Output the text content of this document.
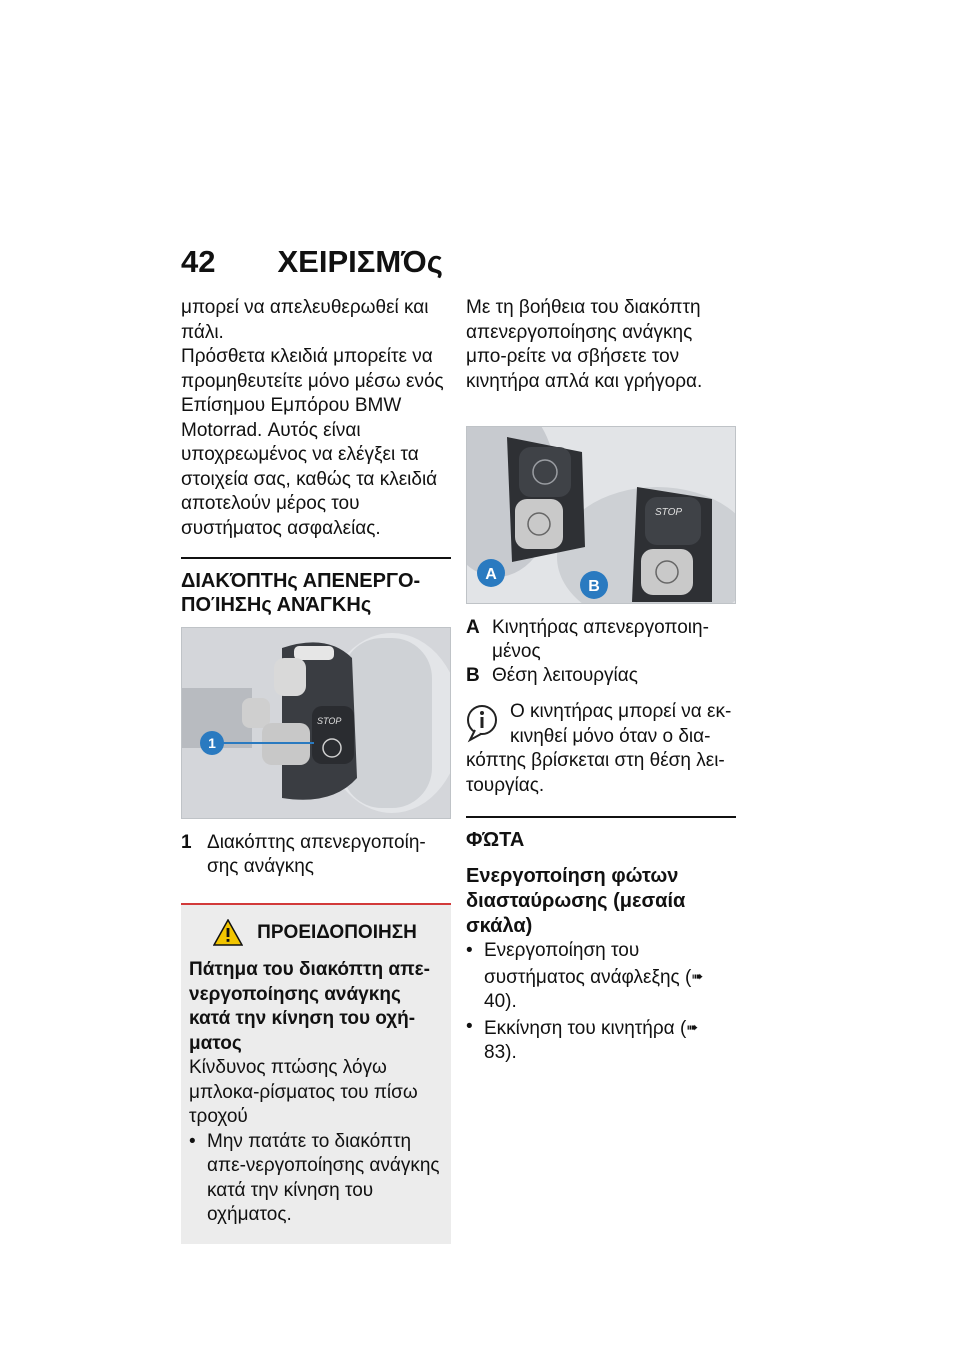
42 ΧΕΙΡΙΣΜΌς

μπορεί να απελευθερωθεί και πάλι.

Πρόσθετα κλειδιά μπορείτε να προμηθευτείτε μόνο μέσω ενός Επίσημου Εμπόρου BMW Motorrad. Αυτός είναι υποχρεωμένος να ελέγξει τα στοιχεία σας, καθώς τα κλειδιά αποτελούν μέρος του συστήματος ασφαλείας.

ΔΙΑΚΌΠΤΗς ΑΠΕΝΕΡΓΟ-
ΠΟΊΗΣΗς ΑΝΆΓΚΗς
STOP
1
1 Διακόπτης απενεργοποίη-σης ανάγκης
ΠΡΟΕΙΔΟΠΟΙΗΣΗ
Πάτημα του διακόπτη απε-νεργοποίησης ανάγκης κατά την κίνηση του οχή-ματος
Κίνδυνος πτώσης λόγω μπλοκα-ρίσματος του πίσω τροχού
• Μην πατάτε το διακόπτη απε-νεργοποίησης ανάγκης κατά την κίνηση του οχήματος.

Με τη βοήθεια του διακόπτη απενεργοποίησης ανάγκης μπο-ρείτε να σβήσετε τον κινητήρα απλά και γρήγορα.

STOP
A
B
A Κινητήρας απενεργοποιη-μένος
B Θέση λειτουργίας
Ο κινητήρας μπορεί να εκ-κινηθεί μόνο όταν ο δια-κόπτης βρίσκεται στη θέση λει-τουργίας.
ΦΏΤΑ
Ενεργοποίηση φώτων διασταύρωσης (μεσαία σκάλα)
• Ενεργοποίηση του συστήματος ανάφλεξης (➠ 40).
• Εκκίνηση του κινητήρα (➠ 83).
